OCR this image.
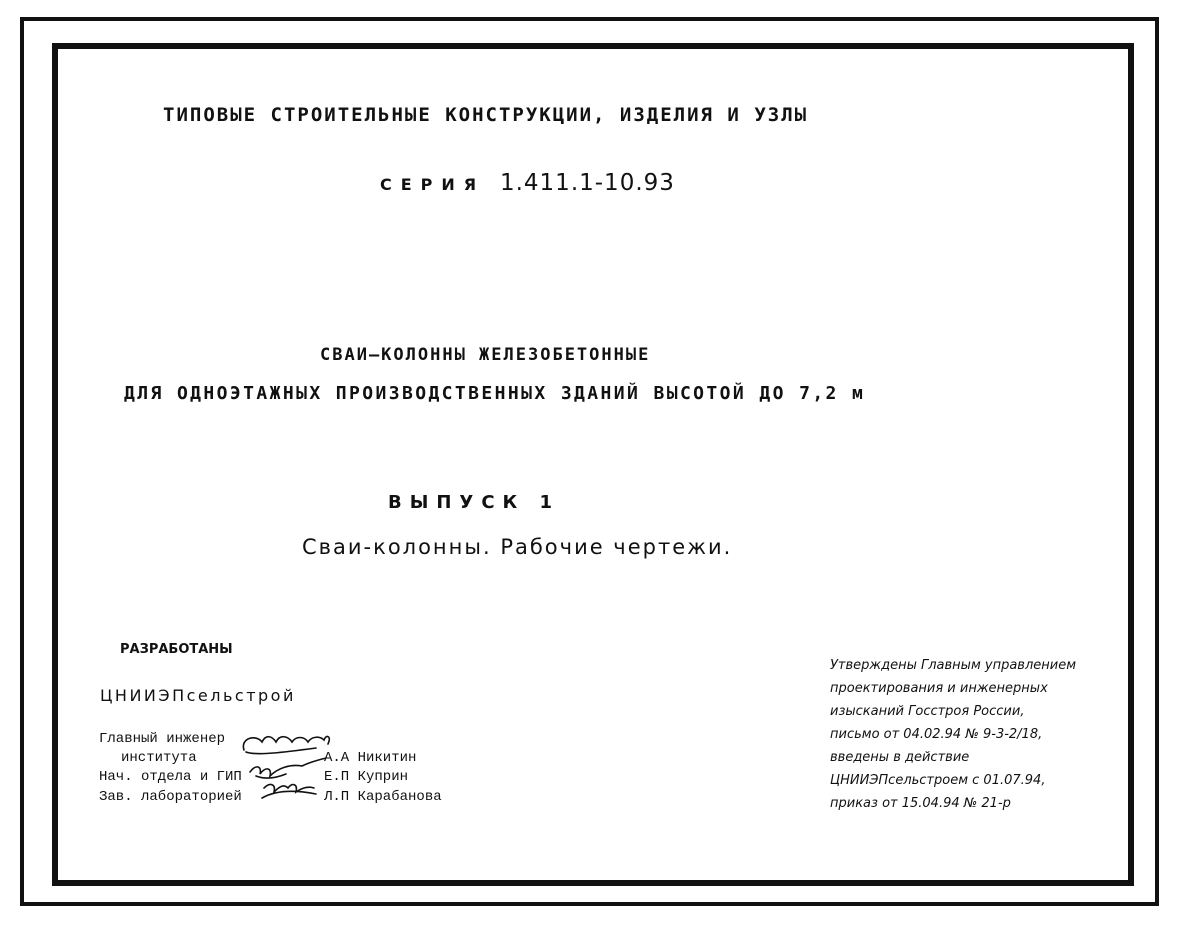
ТИПОВЫЕ СТРОИТЕЛЬНЫЕ КОНСТРУКЦИИ, ИЗДЕЛИЯ И УЗЛЫ
СЕРИЯ 1.411.1-10.93
СВАИ–КОЛОННЫ ЖЕЛЕЗОБЕТОННЫЕ
ДЛЯ ОДНОЭТАЖНЫХ ПРОИЗВОДСТВЕННЫХ ЗДАНИЙ ВЫСОТОЙ ДО 7,2 м
ВЫПУСК 1
Сваи-колонны. Рабочие чертежи.
РАЗРАБОТАНЫ
ЦНИИЭПсельстрой
Главный инженер
института
Нач. отдела и ГИП
Зав. лабораторией
А.А Никитин
Е.П Куприн
Л.П Карабанова
Утверждены Главным управлением
проектирования и инженерных
изысканий Госстроя России,
письмо от 04.02.94 № 9-3-2/18,
введены в действие
ЦНИИЭПсельстроем с 01.07.94,
приказ от 15.04.94 № 21-р
